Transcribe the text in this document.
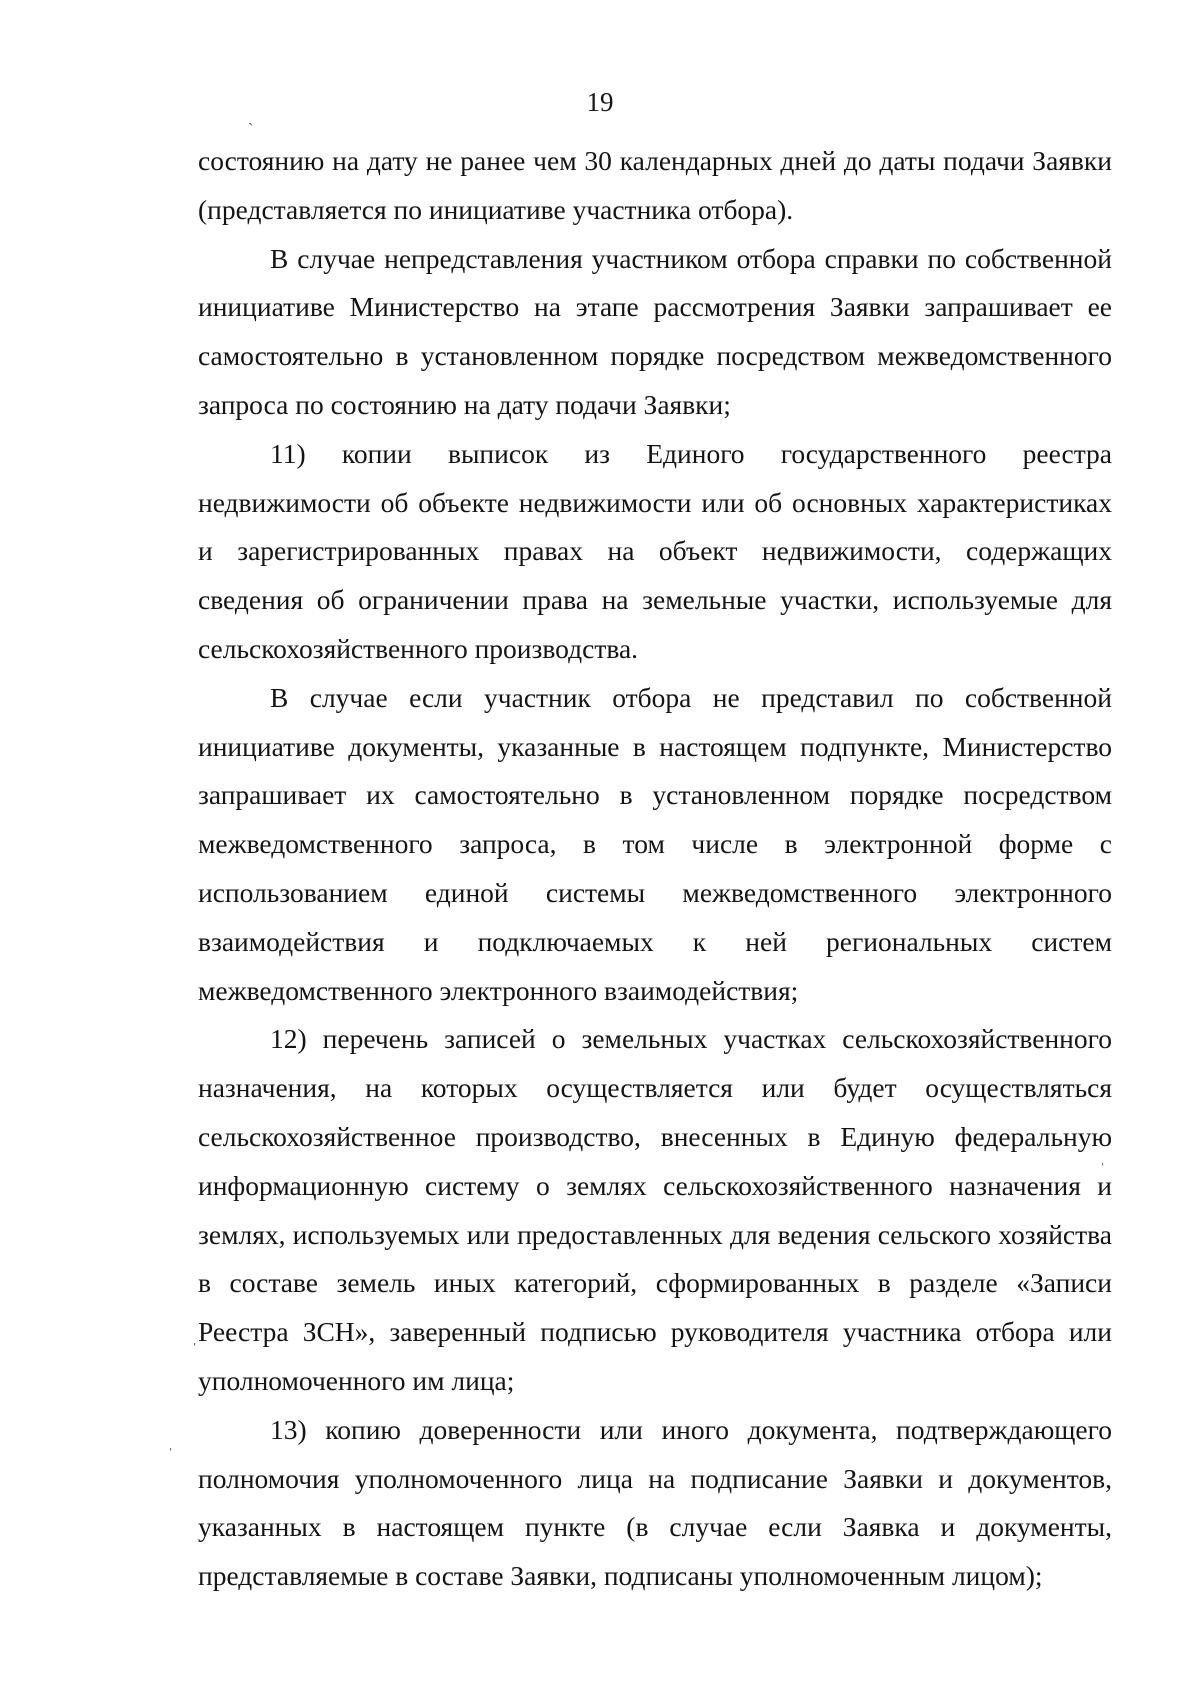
19

состоянию на дату не ранее чем 30 календарных дней до даты подачи Заявки (представляется по инициативе участника отбора).

В случае непредставления участником отбора справки по собственной инициативе Министерство на этапе рассмотрения Заявки запрашивает ее самостоятельно в установленном порядке посредством межведомственного запроса по состоянию на дату подачи Заявки;

11) копии выписок из Единого государственного реестра недвижимости об объекте недвижимости или об основных характеристиках и зарегистрированных правах на объект недвижимости, содержащих сведения об ограничении права на земельные участки, используемые для сельскохозяйственного производства.

В случае если участник отбора не представил по собственной инициативе документы, указанные в настоящем подпункте, Министерство запрашивает их самостоятельно в установленном порядке посредством межведомственного запроса, в том числе в электронной форме с использованием единой системы межведомственного электронного взаимодействия и подключаемых к ней региональных систем межведомственного электронного взаимодействия;

12) перечень записей о земельных участках сельскохозяйственного назначения, на которых осуществляется или будет осуществляться сельскохозяйственное производство, внесенных в Единую федеральную информационную систему о землях сельскохозяйственного назначения и землях, используемых или предоставленных для ведения сельского хозяйства в составе земель иных категорий, сформированных в разделе «Записи Реестра ЗСН», заверенный подписью руководителя участника отбора или уполномоченного им лица;

13) копию доверенности или иного документа, подтверждающего полномочия уполномоченного лица на подписание Заявки и документов, указанных в настоящем пункте (в случае если Заявка и документы, представляемые в составе Заявки, подписаны уполномоченным лицом);

ˏ
ˌ
ˌ
ˌ
